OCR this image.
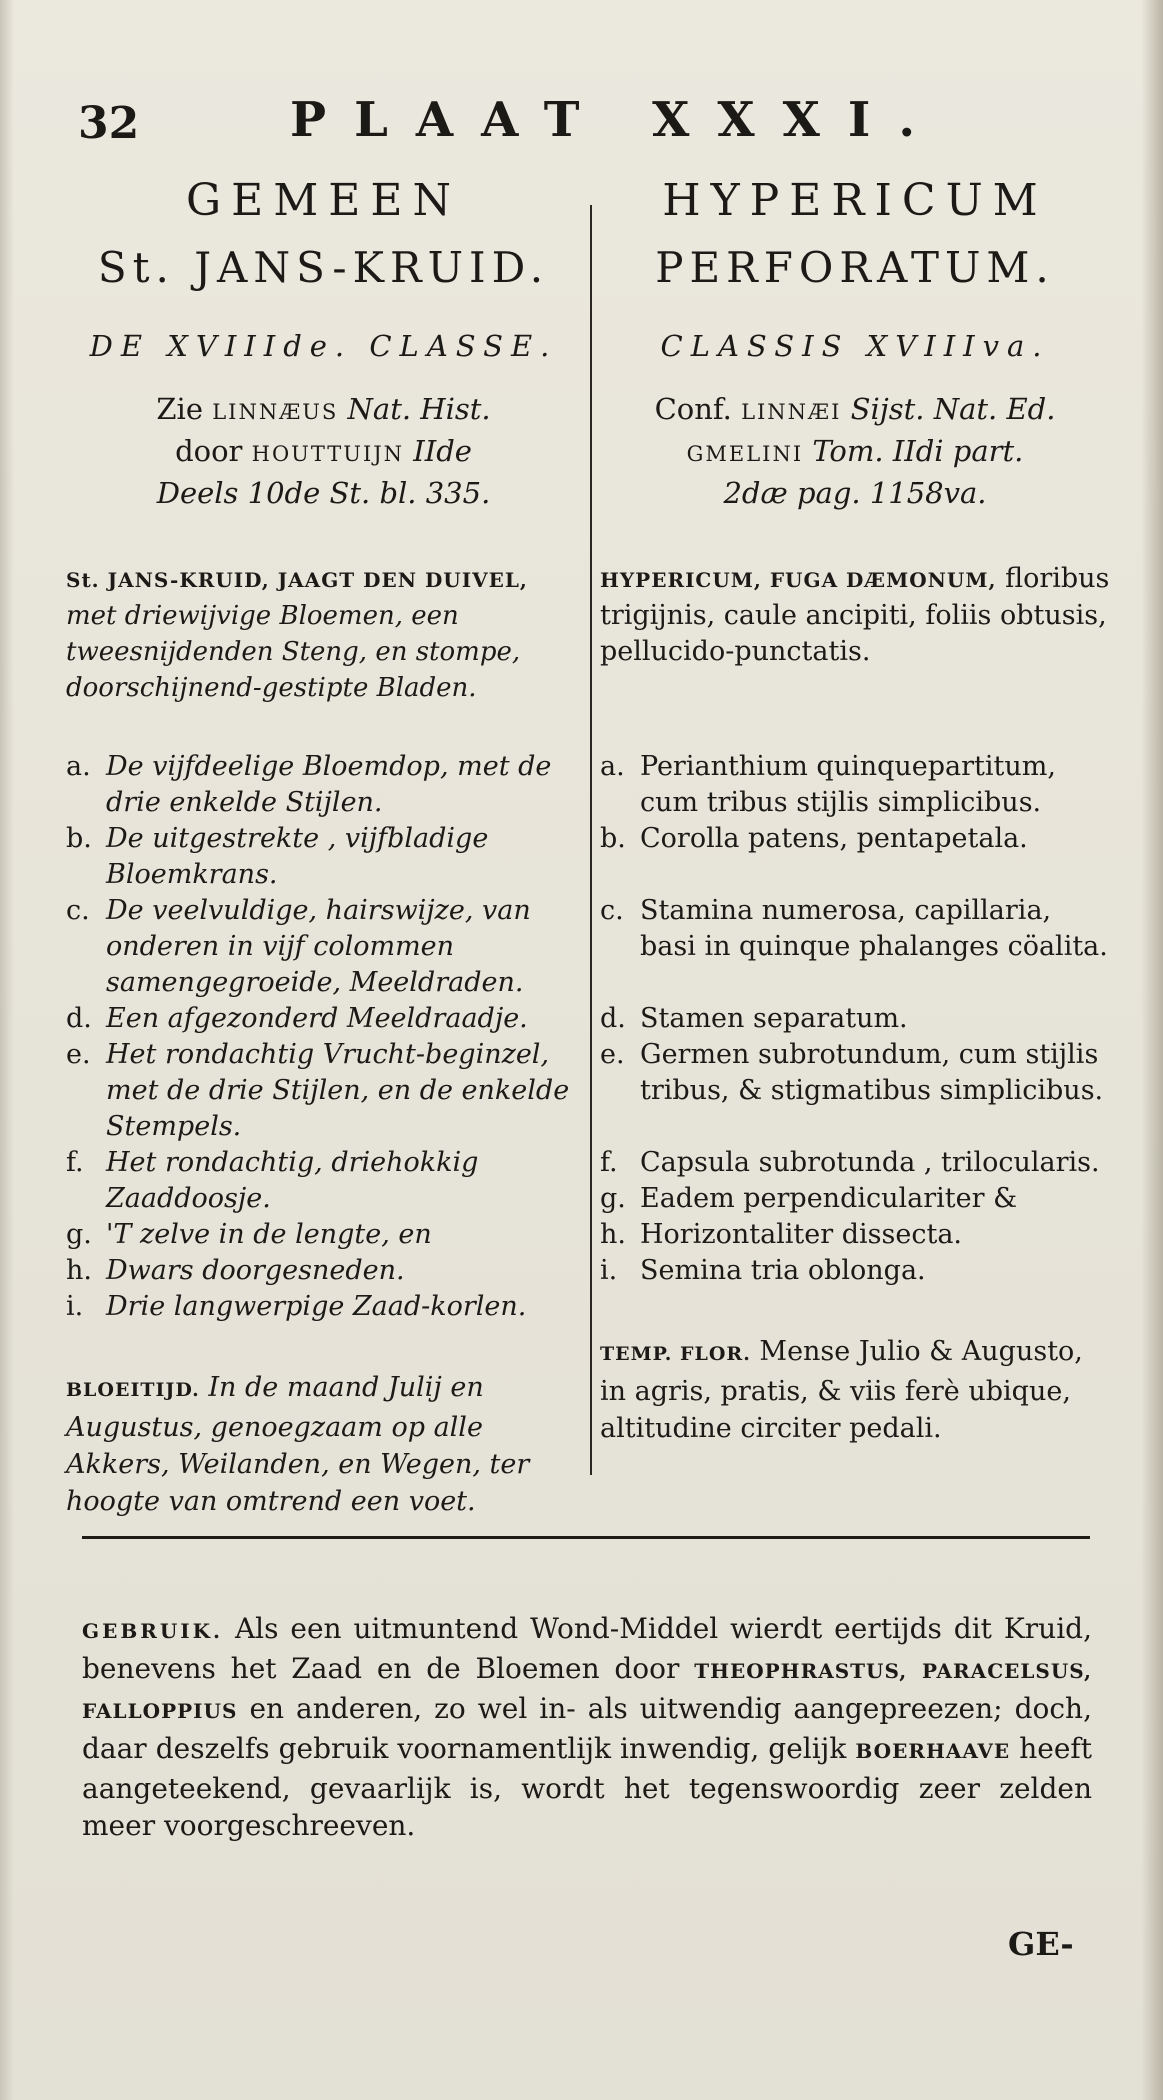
32	PLAAT XXXI.
GEMEEN
St. JANS-KRUID.
DE XVIIIde. CLASSE.
Zie LINNÆUS Nat. Hist.
door HOUTTUIJN IIde
Deels 10de St. bl. 335.
St. JANS-KRUID, JAAGT DEN DUIVEL, met driewijvige Bloemen, een tweesnijdenden Steng, en stompe, doorschijnend-gestipte Bladen.
a. De vijfdeelige Bloemdop, met de drie enkelde Stijlen.
b. De uitgestrekte , vijfbladige Bloemkrans.
c. De veelvuldige, hairswijze, van onderen in vijf colommen samengegroeide, Meeldraden.
d. Een afgezonderd Meeldraadje.
e. Het rondachtig Vrucht-beginzel, met de drie Stijlen, en de enkelde Stempels.
f. Het rondachtig, driehokkig Zaaddoosje.
g. 'T zelve in de lengte, en
h. Dwars doorgesneden.
i. Drie langwerpige Zaad-korlen.
BLOEITIJD. In de maand Julij en Augustus, genoegzaam op alle Akkers, Weilanden, en Wegen, ter hoogte van omtrend een voet.
HYPERICUM
PERFORATUM.
CLASSIS XVIIIva.
Conf. LINNÆI Sijst. Nat. Ed.
GMELINI Tom. IIdi part.
2dæ pag. 1158va.
HYPERICUM, FUGA DÆMONUM, floribus trigijnis, caule ancipiti, foliis obtusis, pellucido-punctatis.
a. Perianthium quinquepartitum, cum tribus stijlis simplicibus.
b. Corolla patens, pentapetala.
c. Stamina numerosa, capillaria, basi in quinque phalanges cöalita.
d. Stamen separatum.
e. Germen subrotundum, cum stijlis tribus, & stigmatibus simplicibus.
f. Capsula subrotunda , trilocularis.
g. Eadem perpendiculariter &
h. Horizontaliter dissecta.
i. Semina tria oblonga.
TEMP. FLOR. Mense Julio & Augusto, in agris, pratis, & viis ferè ubique, altitudine circiter pedali.
GEBRUIK. Als een uitmuntend Wond-Middel wierdt eertijds dit Kruid, benevens het Zaad en de Bloemen door THEOPHRASTUS, PARACELSUS, FALLOPPIUS en anderen, zo wel in- als uitwendig aangepreezen; doch, daar deszelfs gebruik voornamentlijk inwendig, gelijk BOERHAAVE heeft aangeteekend, gevaarlijk is, wordt het tegenswoordig zeer zelden meer voorgeschreeven.
GE-
